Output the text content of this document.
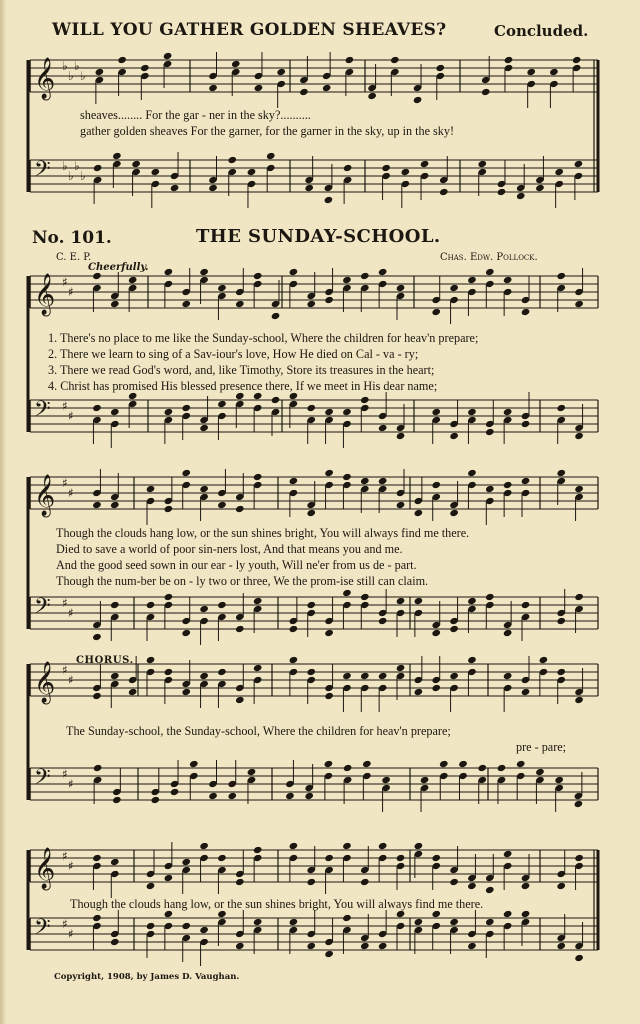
𝄞 ♭
♭
♭
♭
𝄢 ♭
♭
♭
♭
𝄞 ♯
♯
𝄢 ♯
♯
𝄞 ♯
♯
𝄢 ♯
♯
𝄞 ♯
♯
𝄢 ♯
♯
𝄞 ♯
♯
𝄢 ♯
♯
WILL YOU GATHER GOLDEN SHEAVES?	Concluded.
sheaves........ For the gar - ner in the sky?..........
gather golden sheaves For the garner, for the garner in the sky, up in the sky!
No. 101.	THE SUNDAY-SCHOOL.
C. E. P.	Chas. Edw. Pollock.
Cheerfully.
1. There's no place to me like the Sunday-school, Where the children for heav'n prepare;
2. There we learn to sing of a Sav-iour's love, How He died on Cal - va - ry;
3. There we read God's word, and, like Timothy, Store its treasures in the heart;
4. Christ has promised His blessed presence there, If we meet in His dear name;
Though the clouds hang low, or the sun shines bright, You will always find me there.
Died to save a world of poor sin-ners lost, And that means you and me.
And the good seed sown in our ear - ly youth, Will ne'er from us de - part.
Though the num-ber be on - ly two or three, We the prom-ise still can claim.
CHORUS.
The Sunday-school, the Sunday-school, Where the children for heav'n prepare;
pre - pare;
Though the clouds hang low, or the sun shines bright, You will always find me there.
Copyright, 1908, by James D. Vaughan.
